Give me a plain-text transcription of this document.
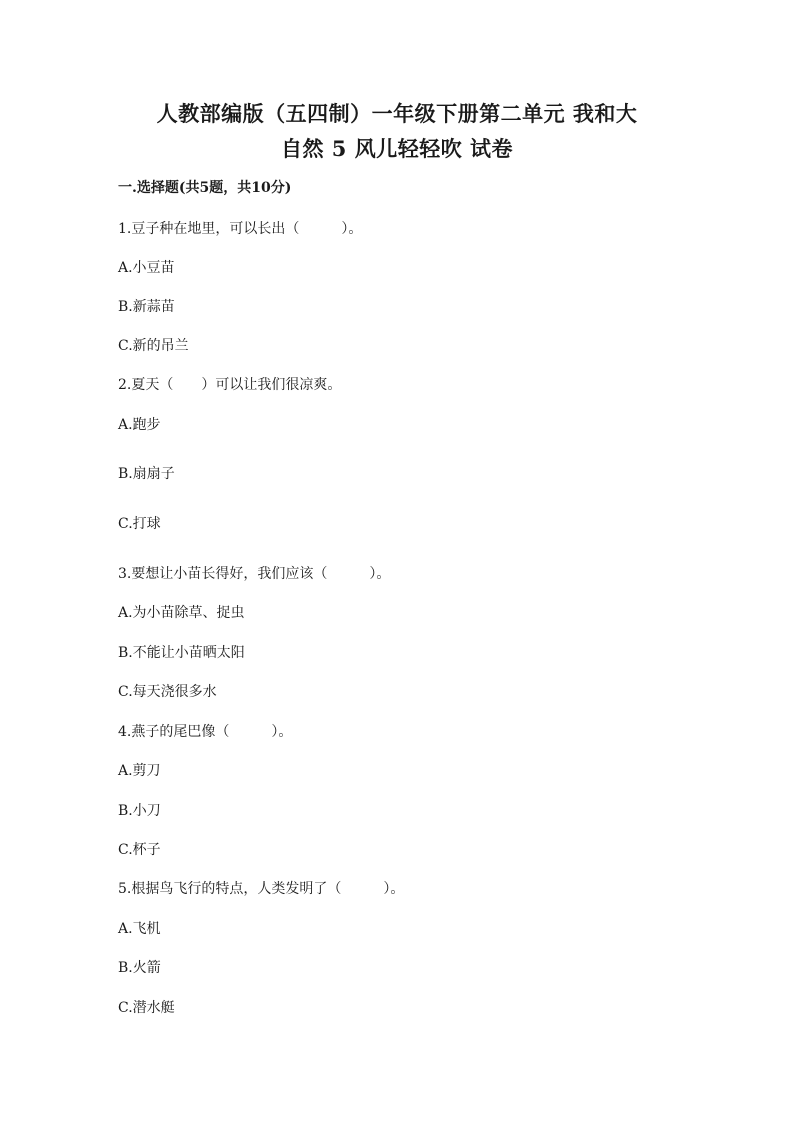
人教部编版（五四制）一年级下册第二单元 我和大
自然 5 风儿轻轻吹 试卷
一.选择题(共5题，共10分)
1.豆子种在地里，可以长出（　　　）。
A.小豆苗
B.新蒜苗
C.新的吊兰
2.夏天（　　）可以让我们很凉爽。
A.跑步
B.扇扇子
C.打球
3.要想让小苗长得好，我们应该（　　　）。
A.为小苗除草、捉虫
B.不能让小苗晒太阳
C.每天浇很多水
4.燕子的尾巴像（　　　）。
A.剪刀
B.小刀
C.杯子
5.根据鸟飞行的特点，人类发明了（　　　）。
A.飞机
B.火箭
C.潜水艇
